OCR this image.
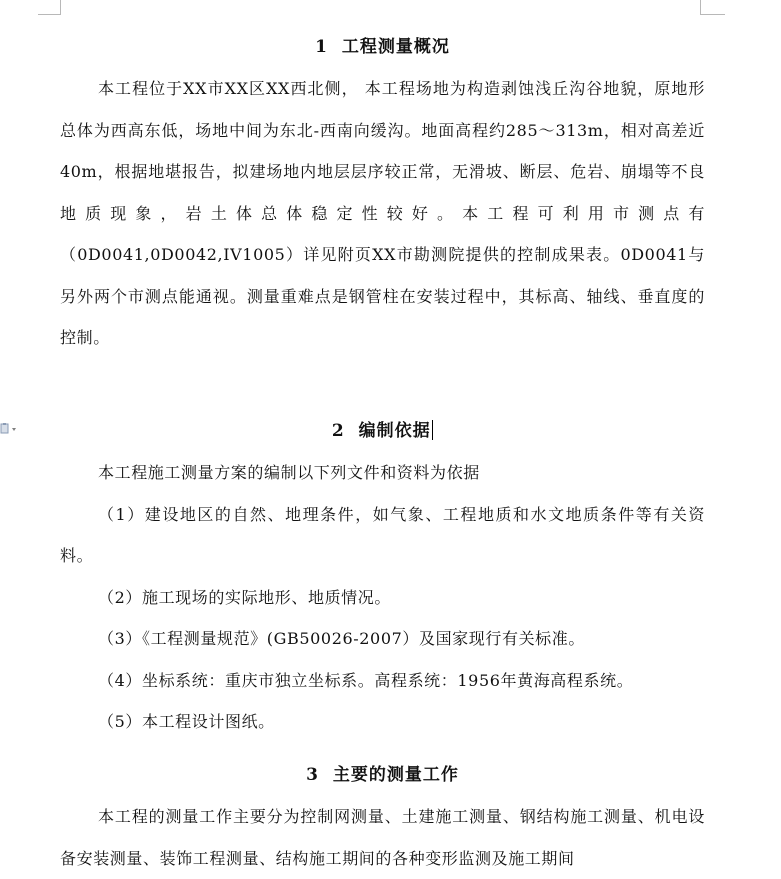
1 工程测量概况
本工程位于XX市XX区XX西北侧， 本工程场地为构造剥蚀浅丘沟谷地貌，原地形总体为西高东低，场地中间为东北-西南向缓沟。地面高程约285～313m，相对高差近40m，根据地堪报告，拟建场地内地层层序较正常，无滑坡、断层、危岩、崩塌等不良地质现象，岩土体总体稳定性较好。本工程可利用市测点有（0D0041,0D0042,IV1005）详见附页XX市勘测院提供的控制成果表。0D0041与另外两个市测点能通视。测量重难点是钢管柱在安装过程中，其标高、轴线、垂直度的控制。
2 编制依据
本工程施工测量方案的编制以下列文件和资料为依据
（1）建设地区的自然、地理条件，如气象、工程地质和水文地质条件等有关资料。
（2）施工现场的实际地形、地质情况。
（3）《工程测量规范》(GB50026-2007）及国家现行有关标准。
（4）坐标系统：重庆市独立坐标系。高程系统：1956年黄海高程系统。
（5）本工程设计图纸。
3 主要的测量工作
本工程的测量工作主要分为控制网测量、土建施工测量、钢结构施工测量、机电设备安装测量、装饰工程测量、结构施工期间的各种变形监测及施工期间
